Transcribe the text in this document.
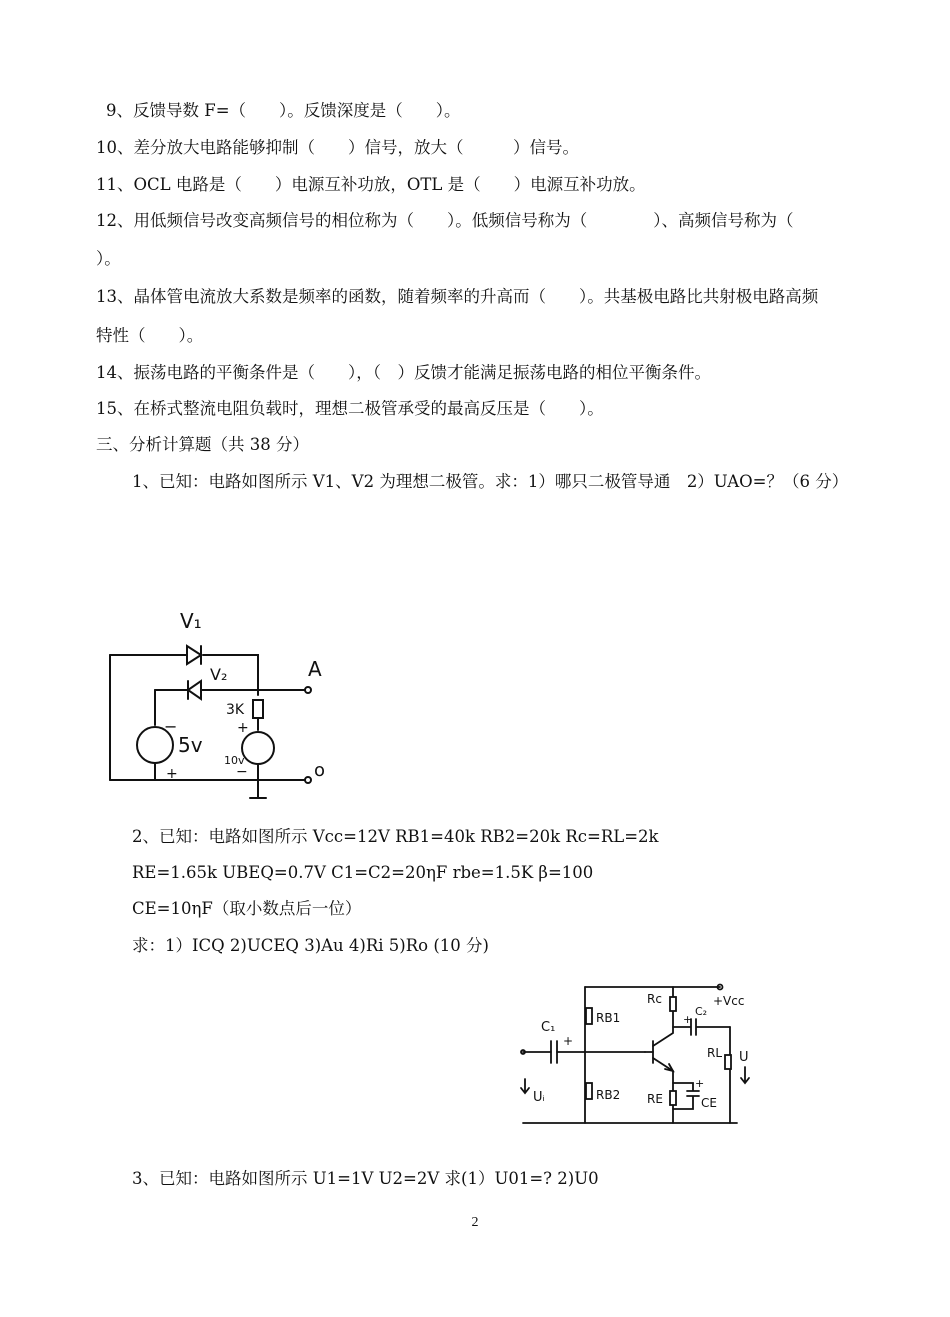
9、反馈导数 F=（　　）。反馈深度是（　　）。
10、差分放大电路能够抑制（　　）信号，放大（　　　）信号。
11、OCL 电路是（　　）电源互补功放，OTL 是（　　）电源互补功放。
12、用低频信号改变高频信号的相位称为（　　）。低频信号称为（　　　　）、高频信号称为（
）。
13、晶体管电流放大系数是频率的函数，随着频率的升高而（　　）。共基极电路比共射极电路高频
特性（　　）。
14、振荡电路的平衡条件是（　　），（　）反馈才能满足振荡电路的相位平衡条件。
15、在桥式整流电阻负载时，理想二极管承受的最高反压是（　　）。
三、分析计算题（共 38 分）
1、已知：电路如图所示 V1、V2 为理想二极管。求：1）哪只二极管导通　2）UAO=？（6 分）
V₁
V₂	A
o
3K
5v
10v
−
+
+
−
2、已知：电路如图所示 Vcc=12V RB1=40k RB2=20k Rc=RL=2k
RE=1.65k UBEQ=0.7V C1=C2=20ηF rbe=1.5K β=100
CE=10ηF（取小数点后一位）
求：1）ICQ 2)UCEQ 3)Au 4)Ri 5)Ro (10 分)
Rc	+Vcc
C₁
+
C₂
+
RB1
RB2
RL
RE	CE
+
Uᵢ
U
3、已知：电路如图所示 U1=1V U2=2V 求(1）U01=? 2)U0
2
